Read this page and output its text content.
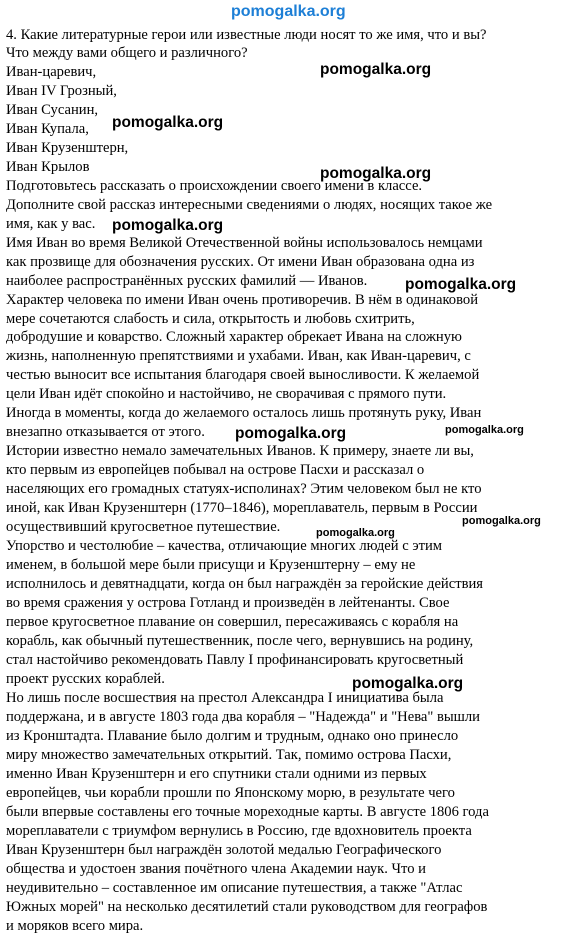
pomogalka.org

4. Какие литературные герои или известные люди носят то же имя, что и вы?

Что между вами общего и различного?

Иван-царевич,

Иван IV Грозный,

Иван Сусанин,

Иван Купала,

Иван Крузенштерн,

Иван Крылов

Подготовьтесь рассказать о происхождении своего имени в классе.

Дополните свой рассказ интересными сведениями о людях, носящих такое же

имя, как у вас.

Имя Иван во время Великой Отечественной войны использовалось немцами

как прозвище для обозначения русских. От имени Иван образована одна из

наиболее распространённых русских фамилий — Иванов.

Характер человека по имени Иван очень противоречив. В нём в одинаковой

мере сочетаются слабость и сила, открытость и любовь схитрить,

добродушие и коварство. Сложный характер обрекает Ивана на сложную

жизнь, наполненную препятствиями и ухабами. Иван, как Иван-царевич, с

честью выносит все испытания благодаря своей выносливости. К желаемой

цели Иван идёт спокойно и настойчиво, не сворачивая с прямого пути.

Иногда в моменты, когда до желаемого осталось лишь протянуть руку, Иван

внезапно отказывается от этого.

Истории известно немало замечательных Иванов. К примеру, знаете ли вы,

кто первым из европейцев побывал на острове Пасхи и рассказал о

населяющих его громадных статуях-исполинах? Этим человеком был не кто

иной, как Иван Крузенштерн (1770–1846), мореплаватель, первым в России

осуществивший кругосветное путешествие.

Упорство и честолюбие – качества, отличающие многих людей с этим

именем, в большой мере были присущи и Крузенштерну – ему не

исполнилось и девятнадцати, когда он был награждён за геройские действия

во время сражения у острова Готланд и произведён в лейтенанты. Свое

первое кругосветное плавание он совершил, пересаживаясь с корабля на

корабль, как обычный путешественник, после чего, вернувшись на родину,

стал настойчиво рекомендовать Павлу I профинансировать кругосветный

проект русских кораблей.

Но лишь после восшествия на престол Александра I инициатива была

поддержана, и в августе 1803 года два корабля – "Надежда" и "Нева" вышли

из Кронштадта. Плавание было долгим и трудным, однако оно принесло

миру множество замечательных открытий. Так, помимо острова Пасхи,

именно Иван Крузенштерн и его спутники стали одними из первых

европейцев, чьи корабли прошли по Японскому морю, в результате чего

были впервые составлены его точные мореходные карты. В августе 1806 года

мореплаватели с триумфом вернулись в Россию, где вдохновитель проекта

Иван Крузенштерн был награждён золотой медалью Географического

общества и удостоен звания почётного члена Академии наук. Что и

неудивительно – составленное им описание путешествия, а также "Атлас

Южных морей" на несколько десятилетий стали руководством для географов

и моряков всего мира.

pomogalka.org
pomogalka.org
pomogalka.org
pomogalka.org
pomogalka.org
pomogalka.org	pomogalka.org
pomogalka.org
pomogalka.org
pomogalka.org
